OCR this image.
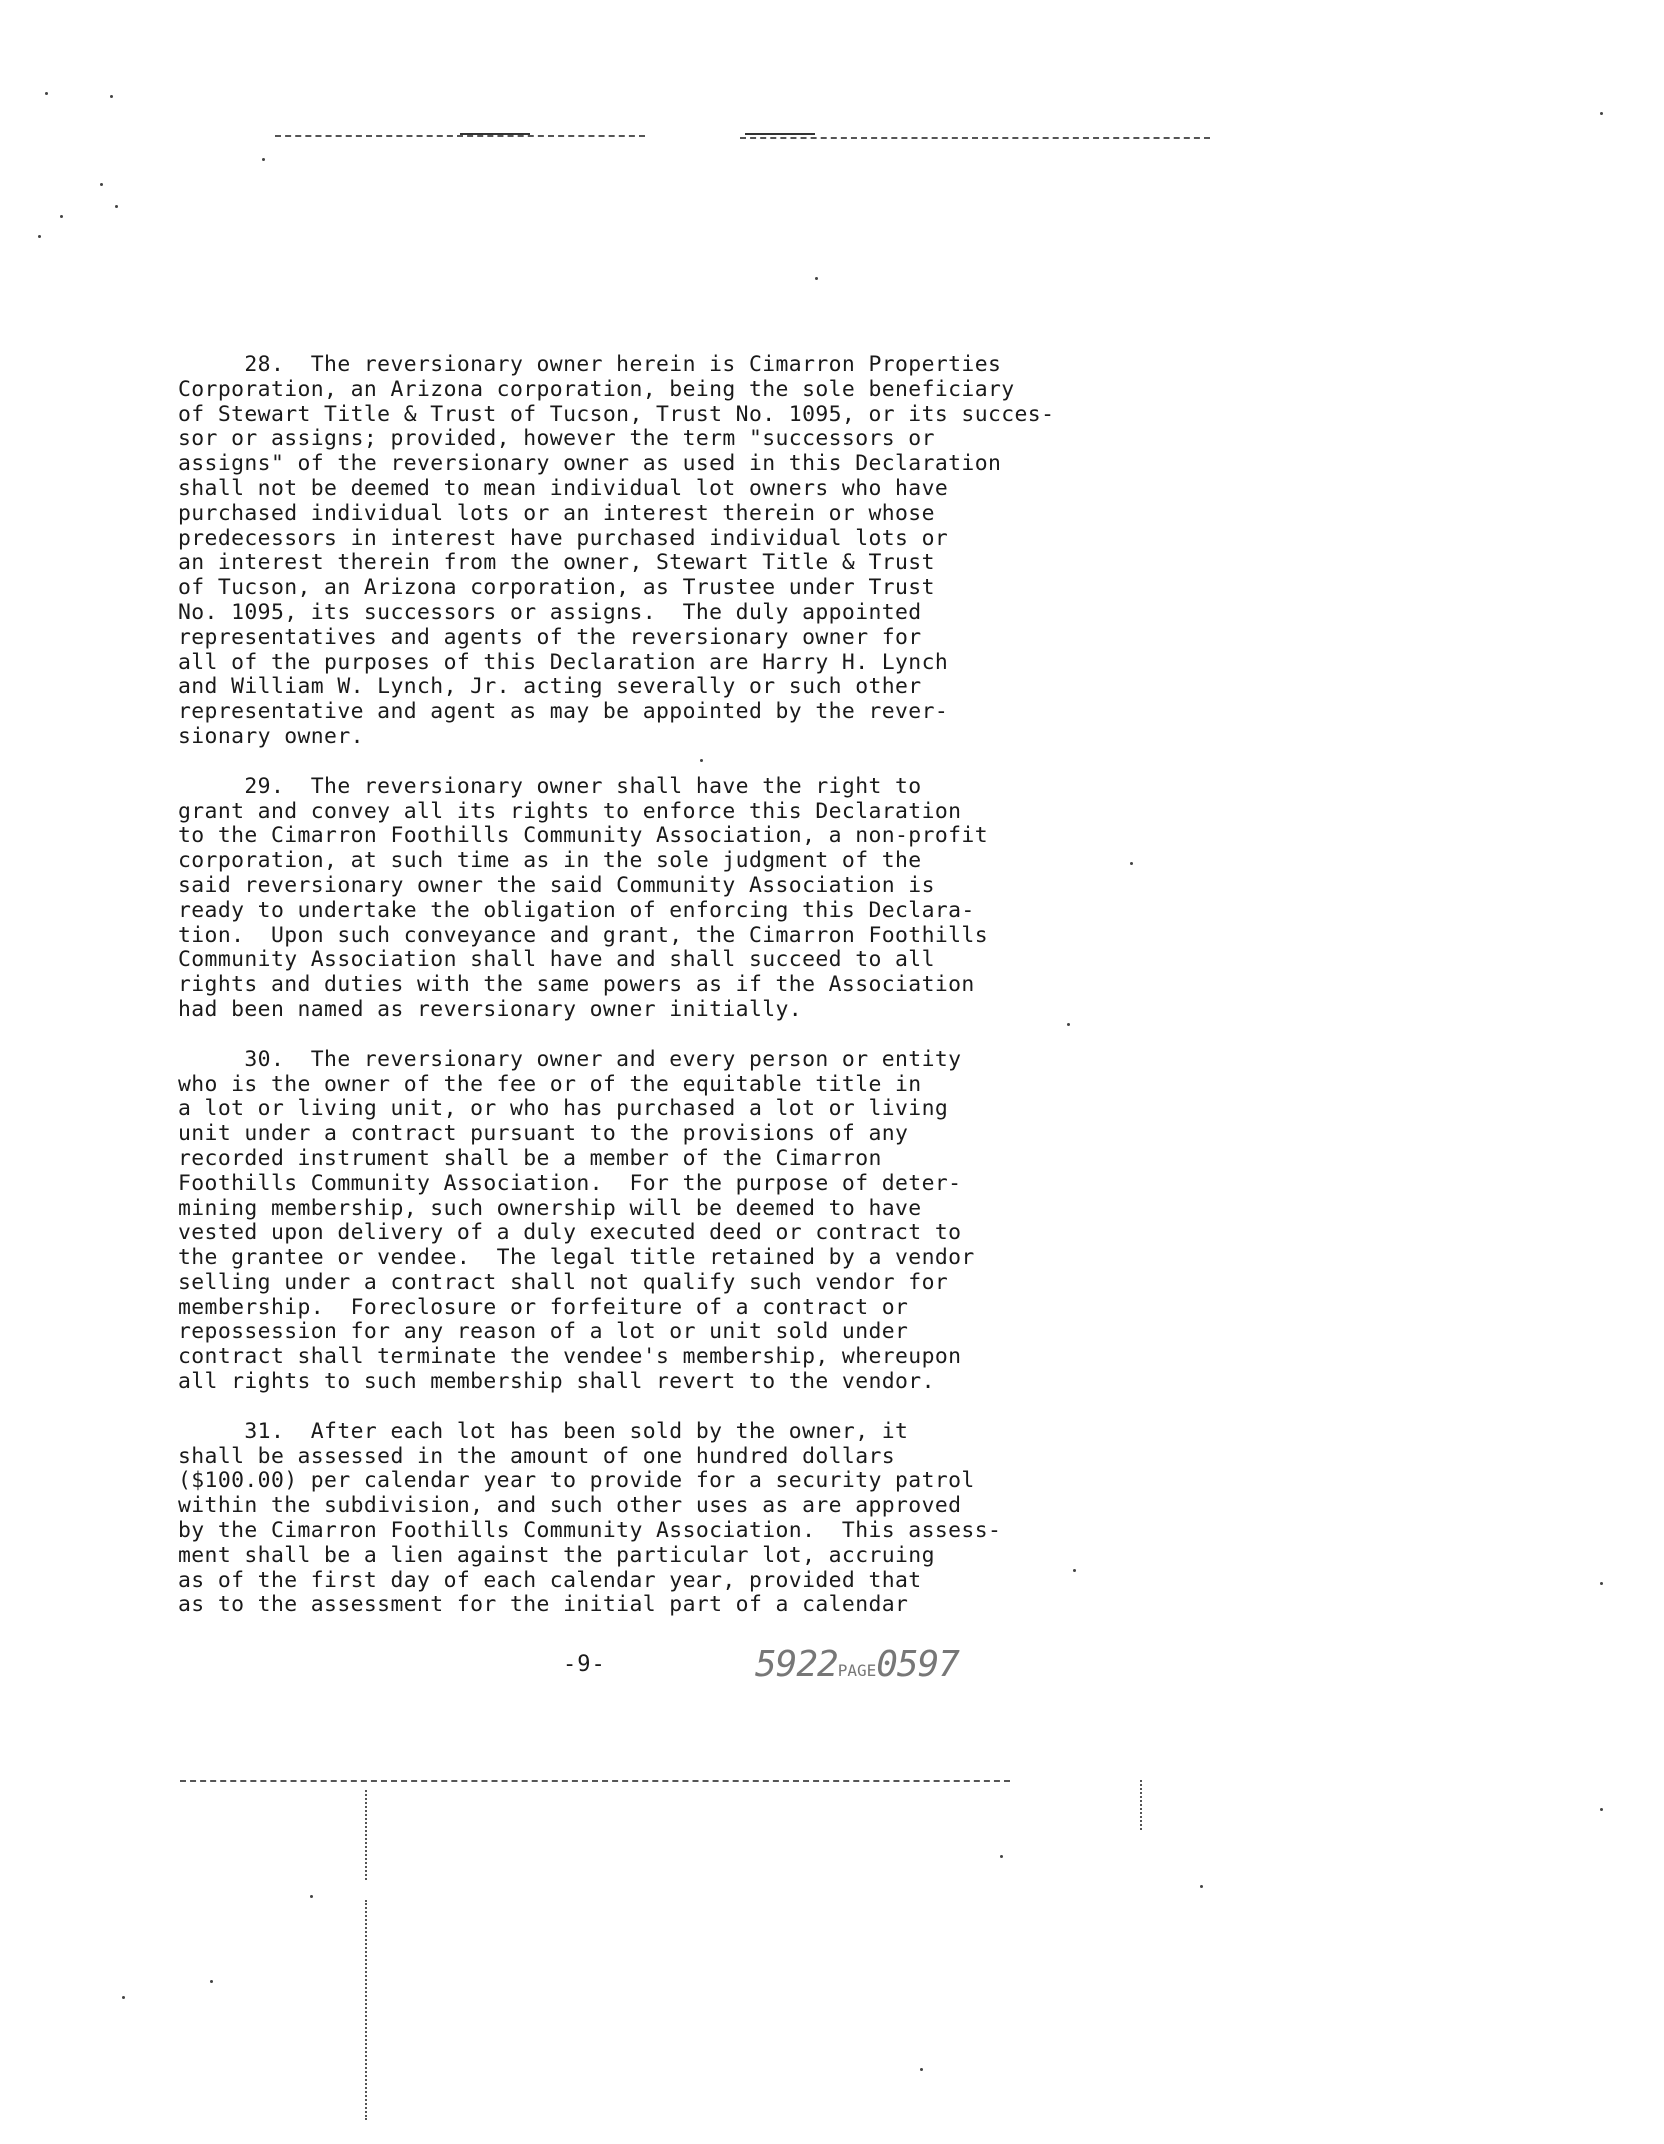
28.  The reversionary owner herein is Cimarron Properties
Corporation, an Arizona corporation, being the sole beneficiary
of Stewart Title & Trust of Tucson, Trust No. 1095, or its succes-
sor or assigns; provided, however the term "successors or
assigns" of the reversionary owner as used in this Declaration
shall not be deemed to mean individual lot owners who have
purchased individual lots or an interest therein or whose
predecessors in interest have purchased individual lots or
an interest therein from the owner, Stewart Title & Trust
of Tucson, an Arizona corporation, as Trustee under Trust
No. 1095, its successors or assigns.  The duly appointed
representatives and agents of the reversionary owner for
all of the purposes of this Declaration are Harry H. Lynch
and William W. Lynch, Jr. acting severally or such other
representative and agent as may be appointed by the rever-
sionary owner.

29.  The reversionary owner shall have the right to
grant and convey all its rights to enforce this Declaration
to the Cimarron Foothills Community Association, a non-profit
corporation, at such time as in the sole judgment of the
said reversionary owner the said Community Association is
ready to undertake the obligation of enforcing this Declara-
tion.  Upon such conveyance and grant, the Cimarron Foothills
Community Association shall have and shall succeed to all
rights and duties with the same powers as if the Association
had been named as reversionary owner initially.

30.  The reversionary owner and every person or entity
who is the owner of the fee or of the equitable title in
a lot or living unit, or who has purchased a lot or living
unit under a contract pursuant to the provisions of any
recorded instrument shall be a member of the Cimarron
Foothills Community Association.  For the purpose of deter-
mining membership, such ownership will be deemed to have
vested upon delivery of a duly executed deed or contract to
the grantee or vendee.  The legal title retained by a vendor
selling under a contract shall not qualify such vendor for
membership.  Foreclosure or forfeiture of a contract or
repossession for any reason of a lot or unit sold under
contract shall terminate the vendee's membership, whereupon
all rights to such membership shall revert to the vendor.

31.  After each lot has been sold by the owner, it
shall be assessed in the amount of one hundred dollars
($100.00) per calendar year to provide for a security patrol
within the subdivision, and such other uses as are approved
by the Cimarron Foothills Community Association.  This assess-
ment shall be a lien against the particular lot, accruing
as of the first day of each calendar year, provided that
as to the assessment for the initial part of a calendar

-9-	5922PAGE0597
